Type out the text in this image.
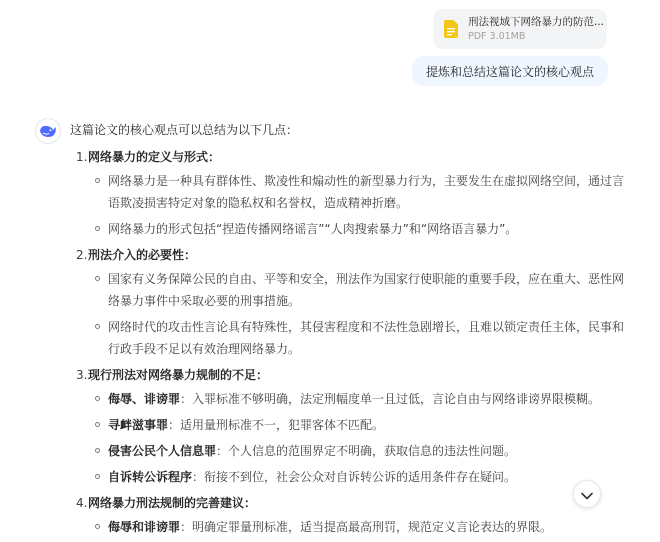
刑法视域下网络暴力的防范...
PDF 3.01MB
提炼和总结这篇论文的核心观点

这篇论文的核心观点可以总结为以下几点：

1. 网络暴力的定义与形式：
网络暴力是一种具有群体性、欺凌性和煽动性的新型暴力行为，主要发生在虚拟网络空间，通过言语欺凌损害特定对象的隐私权和名誉权，造成精神折磨。
网络暴力的形式包括“捏造传播网络谣言”“人肉搜索暴力”和“网络语言暴力”。
2. 刑法介入的必要性：
国家有义务保障公民的自由、平等和安全，刑法作为国家行使职能的重要手段，应在重大、恶性网络暴力事件中采取必要的刑事措施。
网络时代的攻击性言论具有特殊性，其侵害程度和不法性急剧增长，且难以锁定责任主体，民事和行政手段不足以有效治理网络暴力。
3. 现行刑法对网络暴力规制的不足：
侮辱、诽谤罪：入罪标准不够明确，法定刑幅度单一且过低，言论自由与网络诽谤界限模糊。
寻衅滋事罪：适用量刑标准不一，犯罪客体不匹配。
侵害公民个人信息罪：个人信息的范围界定不明确，获取信息的违法性问题。
自诉转公诉程序：衔接不到位，社会公众对自诉转公诉的适用条件存在疑问。
4. 网络暴力刑法规制的完善建议：
侮辱和诽谤罪：明确定罪量刑标准，适当提高最高刑罚，规范定义言论表达的界限。
